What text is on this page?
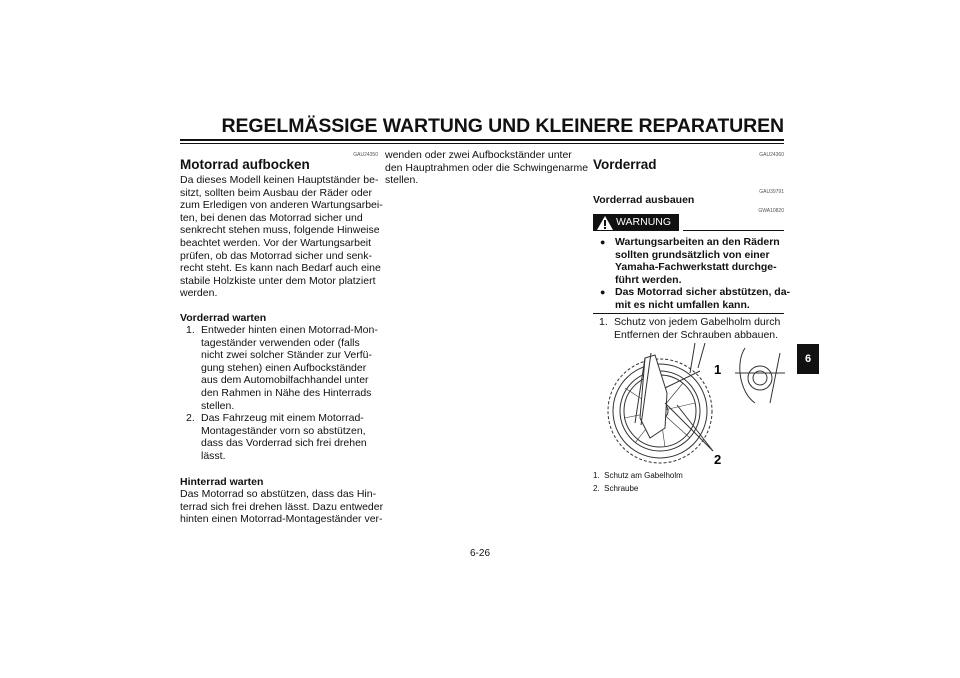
REGELMÄSSIGE WARTUNG UND KLEINERE REPARATUREN
GAU24350
Motorrad aufbocken
Da dieses Modell keinen Hauptständer be-
sitzt, sollten beim Ausbau der Räder oder
zum Erledigen von anderen Wartungsarbei-
ten, bei denen das Motorrad sicher und
senkrecht stehen muss, folgende Hinweise
beachtet werden. Vor der Wartungsarbeit
prüfen, ob das Motorrad sicher und senk-
recht steht. Es kann nach Bedarf auch eine
stabile Holzkiste unter dem Motor platziert
werden.
Vorderrad warten
1. Entweder hinten einen Motorrad-Mon-
tageständer verwenden oder (falls
nicht zwei solcher Ständer zur Verfü-
gung stehen) einen Aufbockständer
aus dem Automobilfachhandel unter
den Rahmen in Nähe des Hinterrads
stellen.
2. Das Fahrzeug mit einem Motorrad-
Montageständer vorn so abstützen,
dass das Vorderrad sich frei drehen
lässt.
Hinterrad warten
Das Motorrad so abstützen, dass das Hin-
terrad sich frei drehen lässt. Dazu entweder
hinten einen Motorrad-Montageständer ver-
wenden oder zwei Aufbockständer unter
den Hauptrahmen oder die Schwingenarme
stellen.
GAU24360
Vorderrad
GAU39791
Vorderrad ausbauen
GWA10820
WARNUNG
● Wartungsarbeiten an den Rädern
sollten grundsätzlich von einer
Yamaha-Fachwerkstatt durchge-
führt werden.
● Das Motorrad sicher abstützen, da-
mit es nicht umfallen kann.
1. Schutz von jedem Gabelholm durch
Entfernen der Schrauben abbauen.
1
2
1.  Schutz am Gabelholm
2.  Schraube
6
6-26
